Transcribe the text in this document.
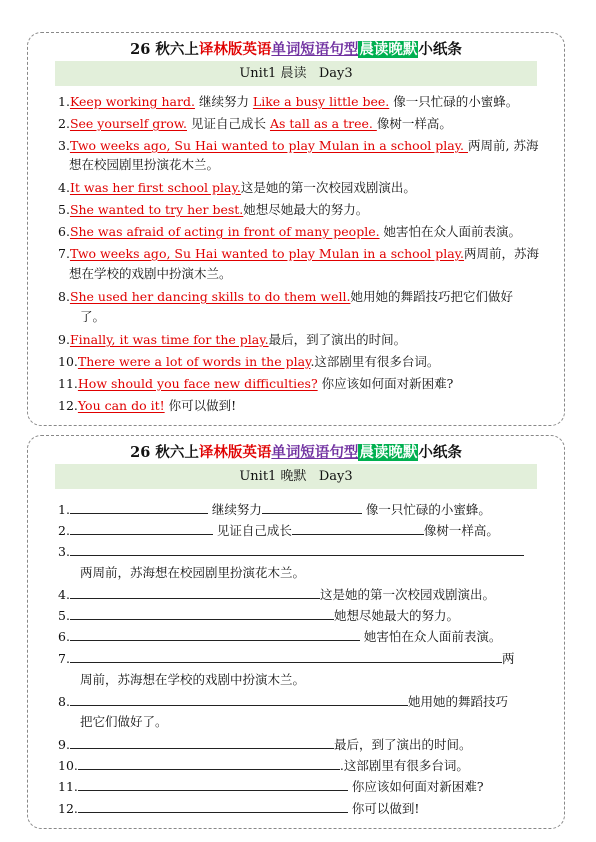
26 秋六上译林版英语单词短语句型晨读晚默小纸条
Unit1 晨读   Day3
1.Keep working hard. 继续努力 Like a busy little bee. 像一只忙碌的小蜜蜂。
2.See yourself grow. 见证自己成长 As tall as a tree. 像树一样高。
3.Two weeks ago, Su Hai wanted to play Mulan in a school play. 两周前, 苏海
想在校园剧里扮演花木兰。
4.It was her first school play.这是她的第一次校园戏剧演出。
5.She wanted to try her best.她想尽她最大的努力。
6.She was afraid of acting in front of many people. 她害怕在众人面前表演。
7.Two weeks ago, Su Hai wanted to play Mulan in a school play.两周前，苏海
想在学校的戏剧中扮演木兰。
8.She used her dancing skills to do them well.她用她的舞蹈技巧把它们做好
了。
9.Finally, it was time for the play.最后，到了演出的时间。
10.There were a lot of words in the play.这部剧里有很多台词。
11.How should you face new difficulties? 你应该如何面对新困难?
12.You can do it! 你可以做到!
26 秋六上译林版英语单词短语句型晨读晚默小纸条
Unit1 晚默   Day3
1.	继续努力	像一只忙碌的小蜜蜂。
2.	见证自己成长	像树一样高。
3.
两周前，苏海想在校园剧里扮演花木兰。
4.	这是她的第一次校园戏剧演出。
5.	她想尽她最大的努力。
6.	她害怕在众人面前表演。
7.	两
周前，苏海想在学校的戏剧中扮演木兰。
8.	她用她的舞蹈技巧
把它们做好了。
9.	最后，到了演出的时间。
10.	.这部剧里有很多台词。
11.	你应该如何面对新困难?
12.	你可以做到!
